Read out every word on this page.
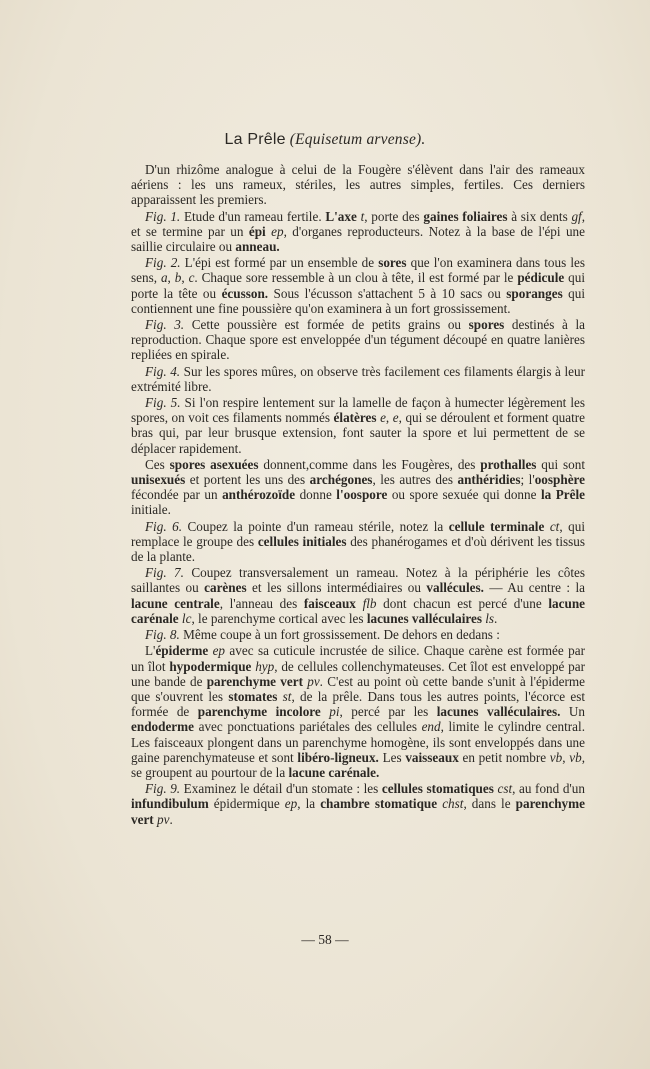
La Prêle (Equisetum arvense).

D'un rhizôme analogue à celui de la Fougère s'élèvent dans l'air des rameaux aériens : les uns rameux, stériles, les autres simples, fertiles. Ces derniers apparaissent les premiers.

Fig. 1. Etude d'un rameau fertile. L'axe t, porte des gaines foliaires à six dents gf, et se termine par un épi ep, d'organes reproducteurs. Notez à la base de l'épi une saillie circulaire ou anneau.

Fig. 2. L'épi est formé par un ensemble de sores que l'on examinera dans tous les sens, a, b, c. Chaque sore ressemble à un clou à tête, il est formé par le pédicule qui porte la tête ou écusson. Sous l'écusson s'attachent 5 à 10 sacs ou sporanges qui contiennent une fine poussière qu'on examinera à un fort grossissement.

Fig. 3. Cette poussière est formée de petits grains ou spores destinés à la reproduction. Chaque spore est enveloppée d'un tégument découpé en quatre lanières repliées en spirale.

Fig. 4. Sur les spores mûres, on observe très facilement ces filaments élargis à leur extrémité libre.

Fig. 5. Si l'on respire lentement sur la lamelle de façon à humecter légèrement les spores, on voit ces filaments nommés élatères e, e, qui se déroulent et forment quatre bras qui, par leur brusque extension, font sauter la spore et lui permettent de se déplacer rapidement.

Ces spores asexuées donnent,comme dans les Fougères, des prothalles qui sont unisexués et portent les uns des archégones, les autres des anthéridies; l'oosphère fécondée par un anthérozoïde donne l'oospore ou spore sexuée qui donne la Prêle initiale.

Fig. 6. Coupez la pointe d'un rameau stérile, notez la cellule terminale ct, qui remplace le groupe des cellules initiales des phanérogames et d'où dérivent les tissus de la plante.

Fig. 7. Coupez transversalement un rameau. Notez à la périphérie les côtes saillantes ou carènes et les sillons intermédiaires ou vallécules. — Au centre : la lacune centrale, l'anneau des faisceaux flb dont chacun est percé d'une lacune carénale lc, le parenchyme cortical avec les lacunes valléculaires ls.

Fig. 8. Même coupe à un fort grossissement. De dehors en dedans :

L'épiderme ep avec sa cuticule incrustée de silice. Chaque carène est formée par un îlot hypodermique hyp, de cellules collenchymateuses. Cet îlot est enveloppé par une bande de parenchyme vert pv. C'est au point où cette bande s'unit à l'épiderme que s'ouvrent les stomates st, de la prêle. Dans tous les autres points, l'écorce est formée de parenchyme incolore pi, percé par les lacunes valléculaires. Un endoderme avec ponctuations pariétales des cellules end, limite le cylindre central. Les faisceaux plongent dans un parenchyme homogène, ils sont enveloppés dans une gaine parenchymateuse et sont libéro-ligneux. Les vaisseaux en petit nombre vb, vb, se groupent au pourtour de la lacune carénale.

Fig. 9. Examinez le détail d'un stomate : les cellules stomatiques cst, au fond d'un infundibulum épidermique ep, la chambre stomatique chst, dans le parenchyme vert pv.

— 58 —
